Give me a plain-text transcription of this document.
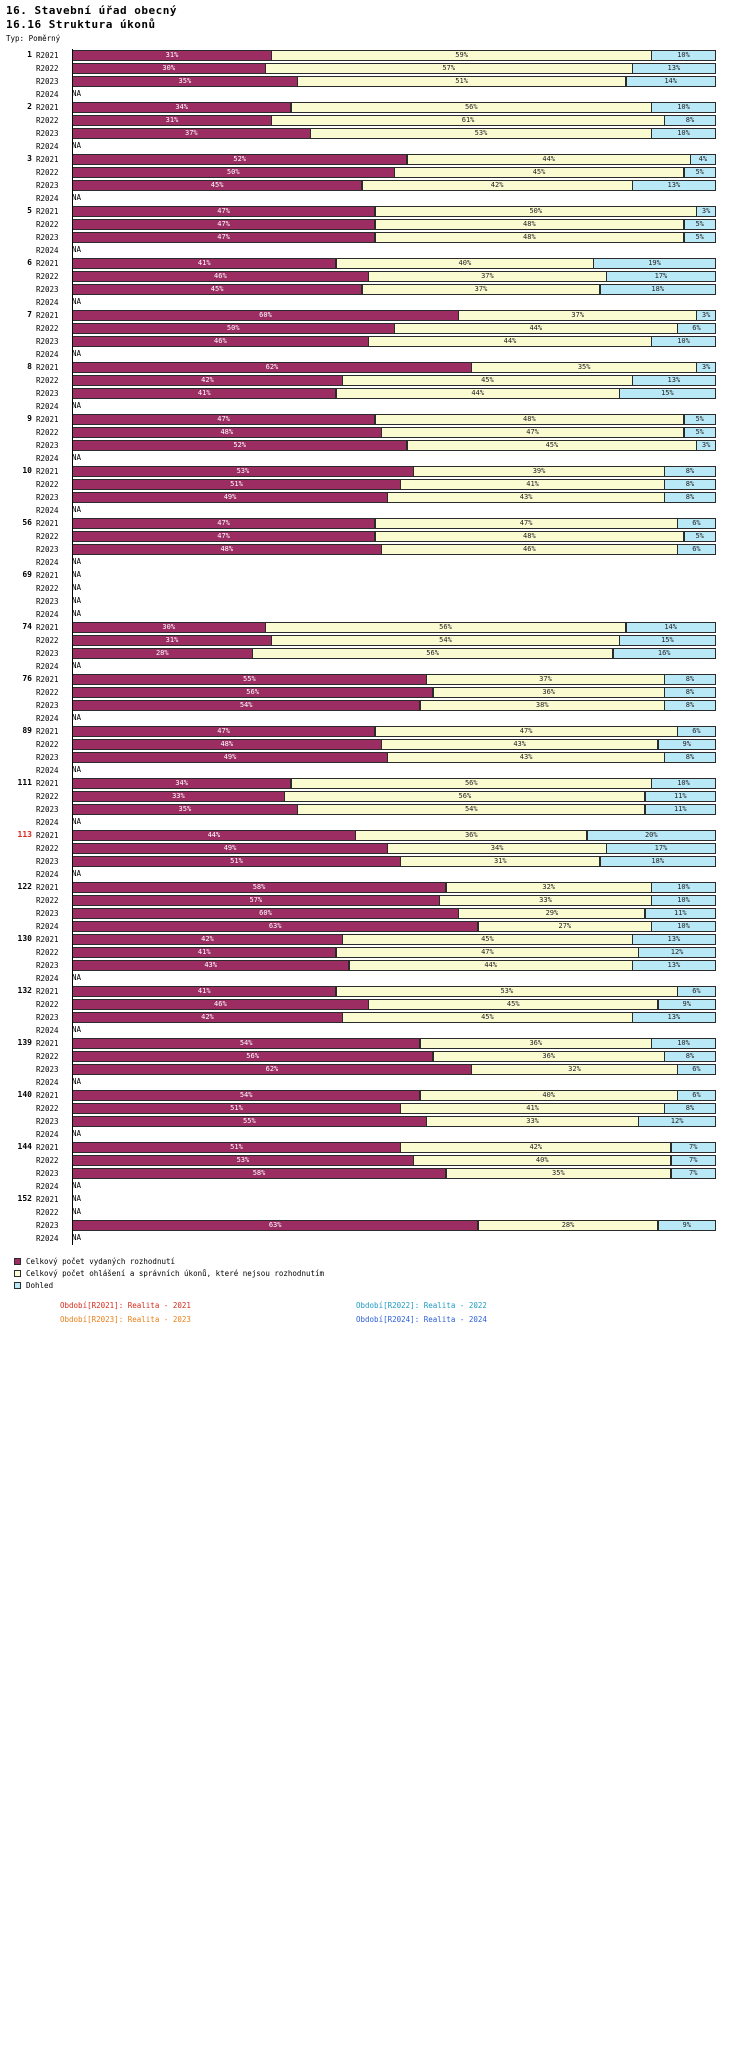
16. Stavební úřad obecný
16.16 Struktura úkonů
Typ: Poměrný
1 R2021	31%	59%	10%
R2022	30%	57%	13%
R2023	35%	51%	14%
R2024	NA
2 R2021	34%	56%	10%
R2022	31%	61%	8%
R2023	37%	53%	10%
R2024	NA
3 R2021	52%	44%	4%
R2022	50%	45%	5%
R2023	45%	42%	13%
R2024	NA
5 R2021	47%	50%	3%
R2022	47%	48%	5%
R2023	47%	48%	5%
R2024	NA
6 R2021	41%	40%	19%
R2022	46%	37%	17%
R2023	45%	37%	18%
R2024	NA
7 R2021	60%	37%	3%
R2022	50%	44%	6%
R2023	46%	44%	10%
R2024	NA
8 R2021	62%	35%	3%
R2022	42%	45%	13%
R2023	41%	44%	15%
R2024	NA
9 R2021	47%	48%	5%
R2022	48%	47%	5%
R2023	52%	45%	3%
R2024	NA
10 R2021	53%	39%	8%
R2022	51%	41%	8%
R2023	49%	43%	8%
R2024	NA
56 R2021	47%	47%	6%
R2022	47%	48%	5%
R2023	48%	46%	6%
R2024	NA
69 R2021	NA
R2022	NA
R2023	NA
R2024	NA
74 R2021	30%	56%	14%
R2022	31%	54%	15%
R2023	28%	56%	16%
R2024	NA
76 R2021	55%	37%	8%
R2022	56%	36%	8%
R2023	54%	38%	8%
R2024	NA
89 R2021	47%	47%	6%
R2022	48%	43%	9%
R2023	49%	43%	8%
R2024	NA
111 R2021	34%	56%	10%
R2022	33%	56%	11%
R2023	35%	54%	11%
R2024	NA
113 R2021	44%	36%	20%
R2022	49%	34%	17%
R2023	51%	31%	18%
R2024	NA
122 R2021	58%	32%	10%
R2022	57%	33%	10%
R2023	60%	29%	11%
R2024	63%	27%	10%
130 R2021	42%	45%	13%
R2022	41%	47%	12%
R2023	43%	44%	13%
R2024	NA
132 R2021	41%	53%	6%
R2022	46%	45%	9%
R2023	42%	45%	13%
R2024	NA
139 R2021	54%	36%	10%
R2022	56%	36%	8%
R2023	62%	32%	6%
R2024	NA
140 R2021	54%	40%	6%
R2022	51%	41%	8%
R2023	55%	33%	12%
R2024	NA
144 R2021	51%	42%	7%
R2022	53%	40%	7%
R2023	58%	35%	7%
R2024	NA
152 R2021	NA
R2022	NA
R2023	63%	28%	9%
R2024	NA
Celkový počet vydaných rozhodnutí
Celkový počet ohlášení a správních úkonů, které nejsou rozhodnutím
Dohled
Období[R2021]: Realita - 2021	Období[R2022]: Realita - 2022
Období[R2023]: Realita - 2023	Období[R2024]: Realita - 2024
